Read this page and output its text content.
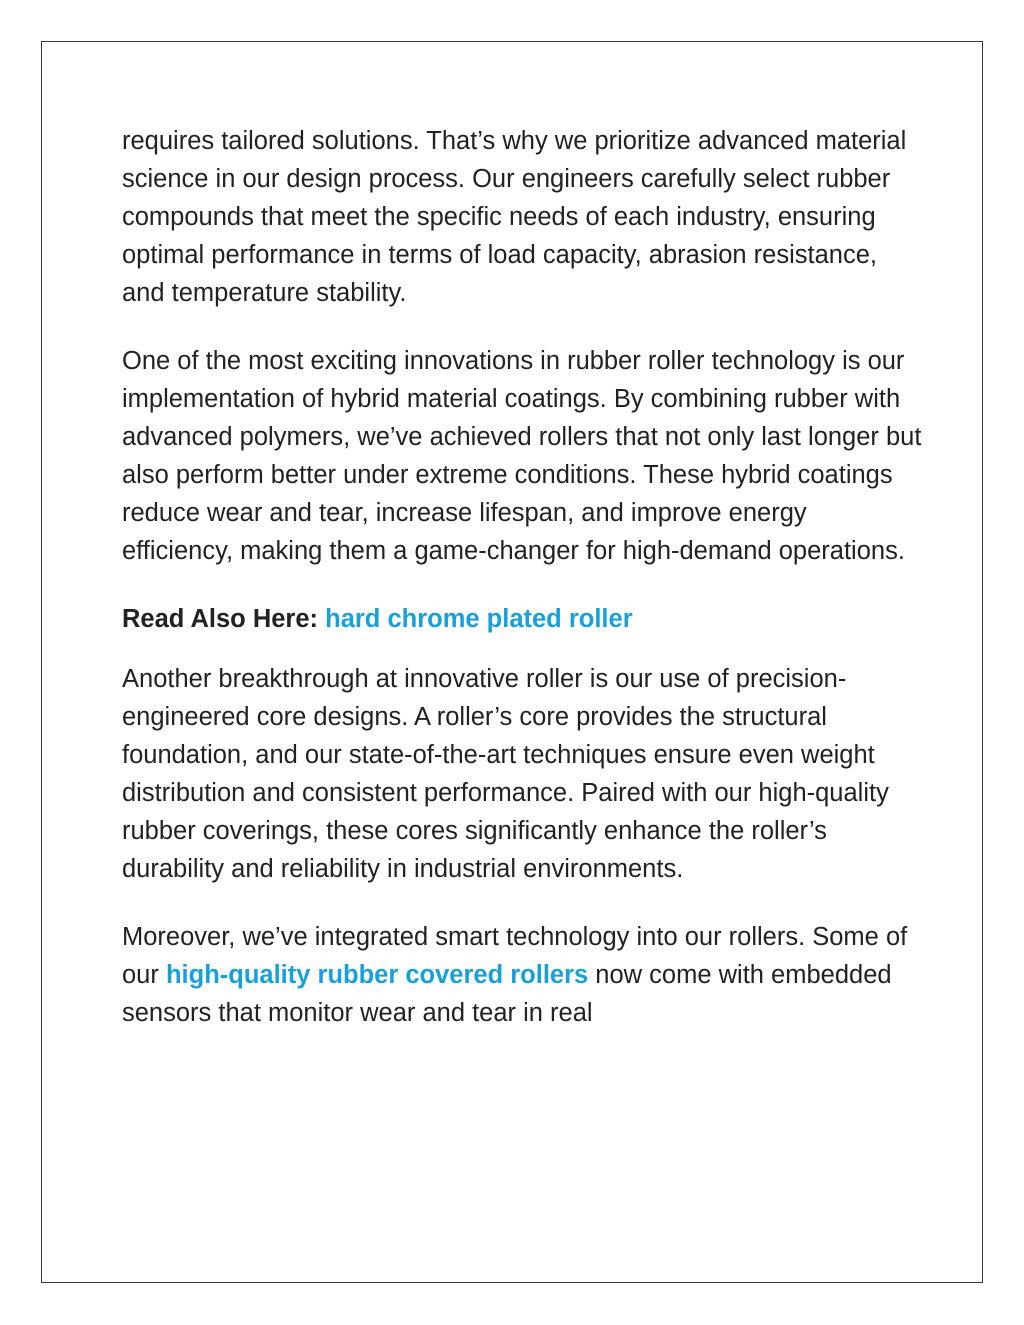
requires tailored solutions. That’s why we prioritize advanced material science in our design process. Our engineers carefully select rubber compounds that meet the specific needs of each industry, ensuring optimal performance in terms of load capacity, abrasion resistance, and temperature stability.

One of the most exciting innovations in rubber roller technology is our implementation of hybrid material coatings. By combining rubber with advanced polymers, we’ve achieved rollers that not only last longer but also perform better under extreme conditions. These hybrid coatings reduce wear and tear, increase lifespan, and improve energy efficiency, making them a game-changer for high-demand operations.

Read Also Here: hard chrome plated roller

Another breakthrough at innovative roller is our use of precision-engineered core designs. A roller’s core provides the structural foundation, and our state-of-the-art techniques ensure even weight distribution and consistent performance. Paired with our high-quality rubber coverings, these cores significantly enhance the roller’s durability and reliability in industrial environments.

Moreover, we’ve integrated smart technology into our rollers. Some of our high-quality rubber covered rollers now come with embedded sensors that monitor wear and tear in real
